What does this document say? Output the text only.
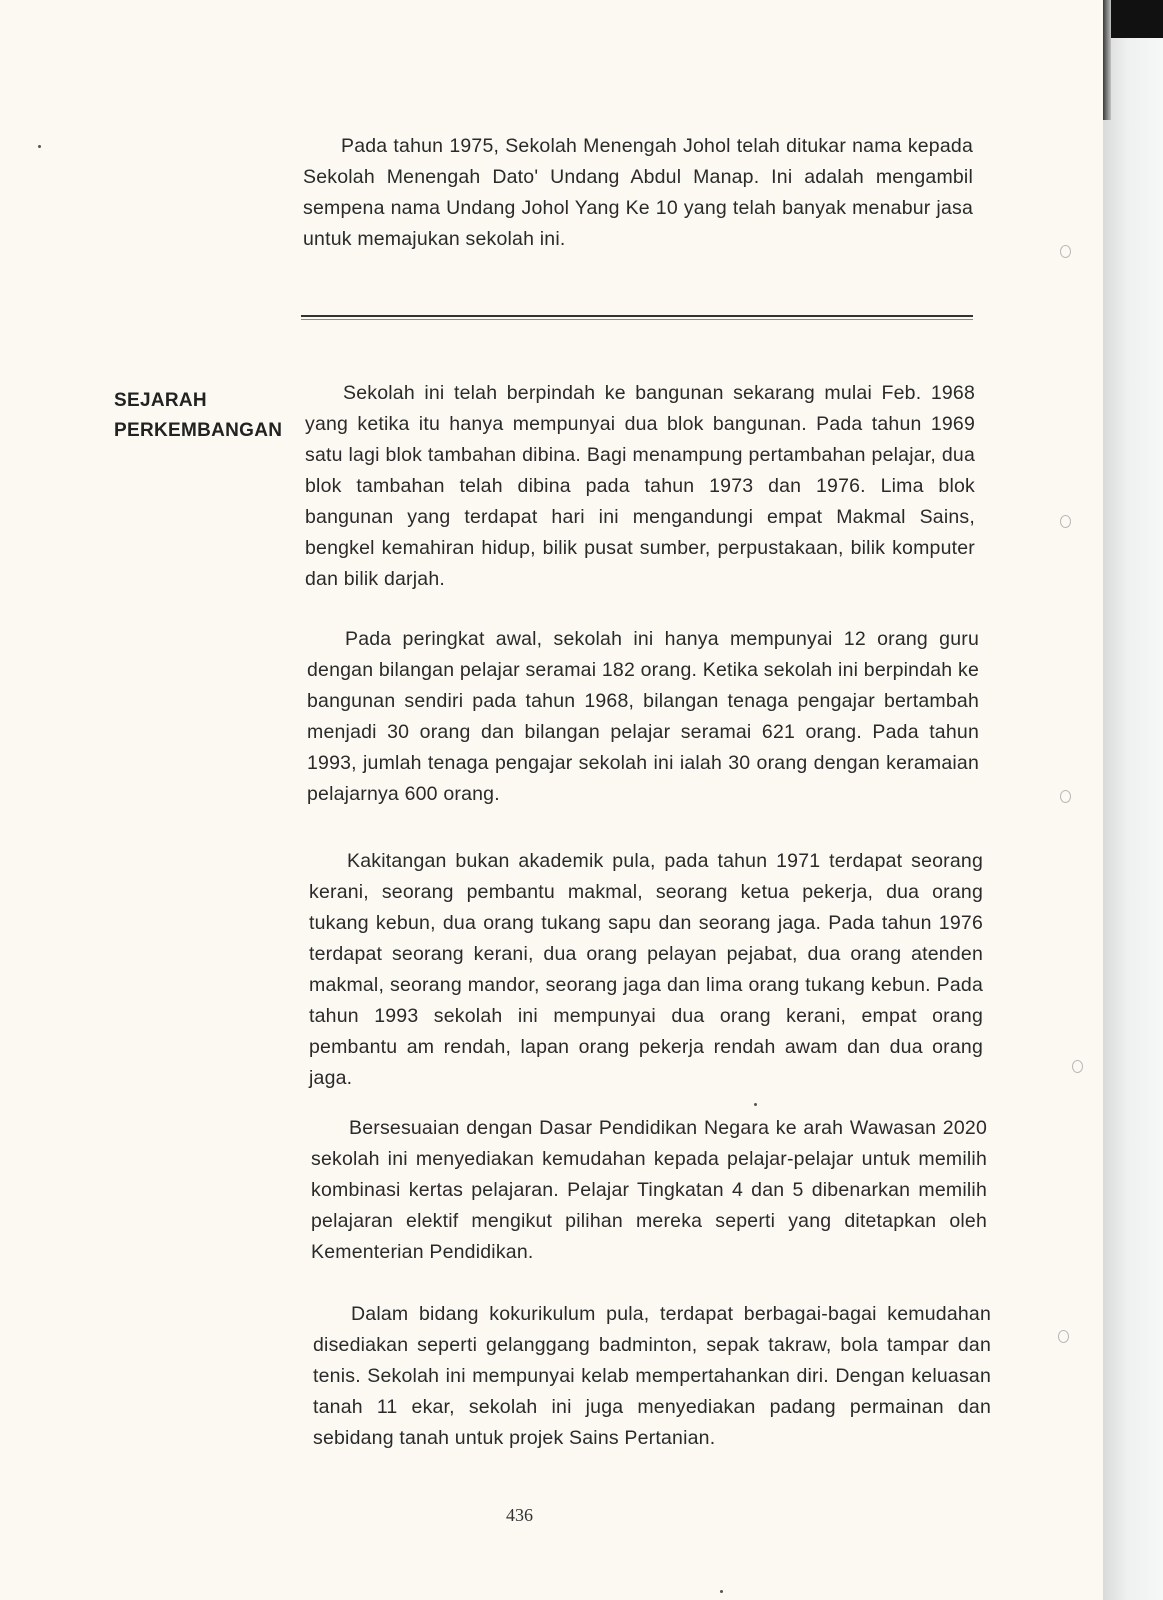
Pada tahun 1975, Sekolah Menengah Johol telah ditukar nama kepada Sekolah Menengah Dato' Undang Abdul Manap. Ini adalah mengambil sempena nama Undang Johol Yang Ke 10 yang telah banyak menabur jasa untuk memajukan sekolah ini.

SEJARAH
PERKEMBANGAN

Sekolah ini telah berpindah ke bangunan sekarang mulai Feb. 1968 yang ketika itu hanya mempunyai dua blok bangunan. Pada tahun 1969 satu lagi blok tambahan dibina. Bagi menampung pertambahan pelajar, dua blok tambahan telah dibina pada tahun 1973 dan 1976. Lima blok bangunan yang terdapat hari ini mengandungi empat Makmal Sains, bengkel kemahiran hidup, bilik pusat sumber, perpustakaan, bilik komputer dan bilik darjah.

Pada peringkat awal, sekolah ini hanya mempunyai 12 orang guru dengan bilangan pelajar seramai 182 orang. Ketika sekolah ini berpindah ke bangunan sendiri pada tahun 1968, bilangan tenaga pengajar bertambah menjadi 30 orang dan bilangan pelajar seramai 621 orang. Pada tahun 1993, jumlah tenaga pengajar sekolah ini ialah 30 orang dengan keramaian pelajarnya 600 orang.

Kakitangan bukan akademik pula, pada tahun 1971 terdapat seorang kerani, seorang pembantu makmal, seorang ketua pekerja, dua orang tukang kebun, dua orang tukang sapu dan seorang jaga. Pada tahun 1976 terdapat seorang kerani, dua orang pelayan pejabat, dua orang atenden makmal, seorang mandor, seorang jaga dan lima orang tukang kebun. Pada tahun 1993 sekolah ini mempunyai dua orang kerani, empat orang pembantu am rendah, lapan orang pekerja rendah awam dan dua orang jaga.

Bersesuaian dengan Dasar Pendidikan Negara ke arah Wawasan 2020 sekolah ini menyediakan kemudahan kepada pelajar-pelajar untuk memilih kombinasi kertas pelajaran. Pelajar Tingkatan 4 dan 5 dibenarkan memilih pelajaran elektif mengikut pilihan mereka seperti yang ditetapkan oleh Kementerian Pendidikan.

Dalam bidang kokurikulum pula, terdapat berbagai-bagai kemudahan disediakan seperti gelanggang badminton, sepak takraw, bola tampar dan tenis. Sekolah ini mempunyai kelab mempertahankan diri. Dengan keluasan tanah 11 ekar, sekolah ini juga menyediakan padang permainan dan sebidang tanah untuk projek Sains Pertanian.

436
